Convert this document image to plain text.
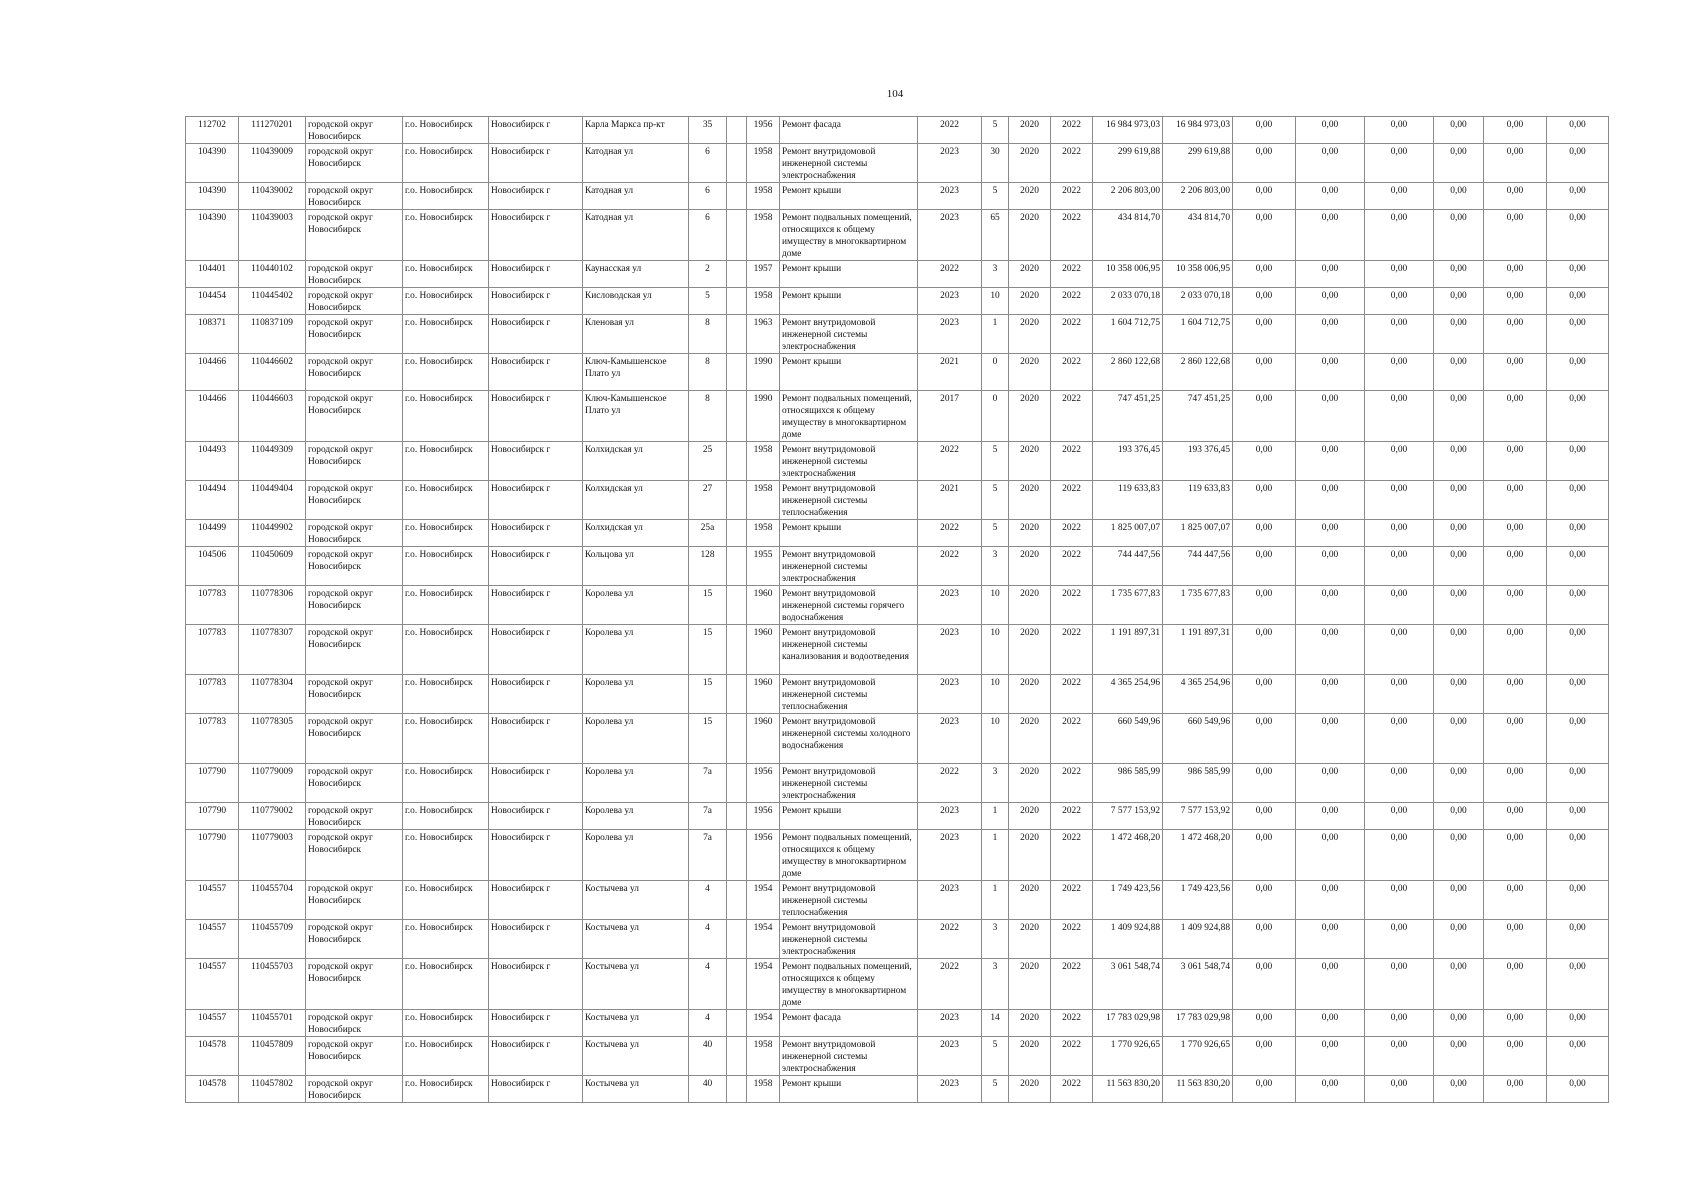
104
112702	111270201	городской округ Новосибирск	г.о. Новосибирск	Новосибирск г	Карла Маркса пр-кт	35		1956	Ремонт фасада	2022	5	2020	2022	16 984 973,03	16 984 973,03	0,00	0,00	0,00	0,00	0,00	0,00
104390	110439009	городской округ Новосибирск	г.о. Новосибирск	Новосибирск г	Катодная ул	6		1958	Ремонт внутридомовой инженерной системы электроснабжения	2023	30	2020	2022	299 619,88	299 619,88	0,00	0,00	0,00	0,00	0,00	0,00
104390	110439002	городской округ Новосибирск	г.о. Новосибирск	Новосибирск г	Катодная ул	6		1958	Ремонт крыши	2023	5	2020	2022	2 206 803,00	2 206 803,00	0,00	0,00	0,00	0,00	0,00	0,00
104390	110439003	городской округ Новосибирск	г.о. Новосибирск	Новосибирск г	Катодная ул	6		1958	Ремонт подвальных помещений, относящихся к общему имуществу в многоквартирном доме	2023	65	2020	2022	434 814,70	434 814,70	0,00	0,00	0,00	0,00	0,00	0,00
104401	110440102	городской округ Новосибирск	г.о. Новосибирск	Новосибирск г	Каунасская ул	2		1957	Ремонт крыши	2022	3	2020	2022	10 358 006,95	10 358 006,95	0,00	0,00	0,00	0,00	0,00	0,00
104454	110445402	городской округ Новосибирск	г.о. Новосибирск	Новосибирск г	Кисловодская ул	5		1958	Ремонт крыши	2023	10	2020	2022	2 033 070,18	2 033 070,18	0,00	0,00	0,00	0,00	0,00	0,00
108371	110837109	городской округ Новосибирск	г.о. Новосибирск	Новосибирск г	Кленовая ул	8		1963	Ремонт внутридомовой инженерной системы электроснабжения	2023	1	2020	2022	1 604 712,75	1 604 712,75	0,00	0,00	0,00	0,00	0,00	0,00
104466	110446602	городской округ Новосибирск	г.о. Новосибирск	Новосибирск г	Ключ-Камышенское Плато ул	8		1990	Ремонт крыши	2021	0	2020	2022	2 860 122,68	2 860 122,68	0,00	0,00	0,00	0,00	0,00	0,00
104466	110446603	городской округ Новосибирск	г.о. Новосибирск	Новосибирск г	Ключ-Камышенское Плато ул	8		1990	Ремонт подвальных помещений, относящихся к общему имуществу в многоквартирном доме	2017	0	2020	2022	747 451,25	747 451,25	0,00	0,00	0,00	0,00	0,00	0,00
104493	110449309	городской округ Новосибирск	г.о. Новосибирск	Новосибирск г	Колхидская ул	25		1958	Ремонт внутридомовой инженерной системы электроснабжения	2022	5	2020	2022	193 376,45	193 376,45	0,00	0,00	0,00	0,00	0,00	0,00
104494	110449404	городской округ Новосибирск	г.о. Новосибирск	Новосибирск г	Колхидская ул	27		1958	Ремонт внутридомовой инженерной системы теплоснабжения	2021	5	2020	2022	119 633,83	119 633,83	0,00	0,00	0,00	0,00	0,00	0,00
104499	110449902	городской округ Новосибирск	г.о. Новосибирск	Новосибирск г	Колхидская ул	25а		1958	Ремонт крыши	2022	5	2020	2022	1 825 007,07	1 825 007,07	0,00	0,00	0,00	0,00	0,00	0,00
104506	110450609	городской округ Новосибирск	г.о. Новосибирск	Новосибирск г	Кольцова ул	128		1955	Ремонт внутридомовой инженерной системы электроснабжения	2022	3	2020	2022	744 447,56	744 447,56	0,00	0,00	0,00	0,00	0,00	0,00
107783	110778306	городской округ Новосибирск	г.о. Новосибирск	Новосибирск г	Королева ул	15		1960	Ремонт внутридомовой инженерной системы горячего водоснабжения	2023	10	2020	2022	1 735 677,83	1 735 677,83	0,00	0,00	0,00	0,00	0,00	0,00
107783	110778307	городской округ Новосибирск	г.о. Новосибирск	Новосибирск г	Королева ул	15		1960	Ремонт внутридомовой инженерной системы канализования и водоотведения	2023	10	2020	2022	1 191 897,31	1 191 897,31	0,00	0,00	0,00	0,00	0,00	0,00
107783	110778304	городской округ Новосибирск	г.о. Новосибирск	Новосибирск г	Королева ул	15		1960	Ремонт внутридомовой инженерной системы теплоснабжения	2023	10	2020	2022	4 365 254,96	4 365 254,96	0,00	0,00	0,00	0,00	0,00	0,00
107783	110778305	городской округ Новосибирск	г.о. Новосибирск	Новосибирск г	Королева ул	15		1960	Ремонт внутридомовой инженерной системы холодного водоснабжения	2023	10	2020	2022	660 549,96	660 549,96	0,00	0,00	0,00	0,00	0,00	0,00
107790	110779009	городской округ Новосибирск	г.о. Новосибирск	Новосибирск г	Королева ул	7а		1956	Ремонт внутридомовой инженерной системы электроснабжения	2022	3	2020	2022	986 585,99	986 585,99	0,00	0,00	0,00	0,00	0,00	0,00
107790	110779002	городской округ Новосибирск	г.о. Новосибирск	Новосибирск г	Королева ул	7а		1956	Ремонт крыши	2023	1	2020	2022	7 577 153,92	7 577 153,92	0,00	0,00	0,00	0,00	0,00	0,00
107790	110779003	городской округ Новосибирск	г.о. Новосибирск	Новосибирск г	Королева ул	7а		1956	Ремонт подвальных помещений, относящихся к общему имуществу в многоквартирном доме	2023	1	2020	2022	1 472 468,20	1 472 468,20	0,00	0,00	0,00	0,00	0,00	0,00
104557	110455704	городской округ Новосибирск	г.о. Новосибирск	Новосибирск г	Костычева ул	4		1954	Ремонт внутридомовой инженерной системы теплоснабжения	2023	1	2020	2022	1 749 423,56	1 749 423,56	0,00	0,00	0,00	0,00	0,00	0,00
104557	110455709	городской округ Новосибирск	г.о. Новосибирск	Новосибирск г	Костычева ул	4		1954	Ремонт внутридомовой инженерной системы электроснабжения	2022	3	2020	2022	1 409 924,88	1 409 924,88	0,00	0,00	0,00	0,00	0,00	0,00
104557	110455703	городской округ Новосибирск	г.о. Новосибирск	Новосибирск г	Костычева ул	4		1954	Ремонт подвальных помещений, относящихся к общему имуществу в многоквартирном доме	2022	3	2020	2022	3 061 548,74	3 061 548,74	0,00	0,00	0,00	0,00	0,00	0,00
104557	110455701	городской округ Новосибирск	г.о. Новосибирск	Новосибирск г	Костычева ул	4		1954	Ремонт фасада	2023	14	2020	2022	17 783 029,98	17 783 029,98	0,00	0,00	0,00	0,00	0,00	0,00
104578	110457809	городской округ Новосибирск	г.о. Новосибирск	Новосибирск г	Костычева ул	40		1958	Ремонт внутридомовой инженерной системы электроснабжения	2023	5	2020	2022	1 770 926,65	1 770 926,65	0,00	0,00	0,00	0,00	0,00	0,00
104578	110457802	городской округ Новосибирск	г.о. Новосибирск	Новосибирск г	Костычева ул	40		1958	Ремонт крыши	2023	5	2020	2022	11 563 830,20	11 563 830,20	0,00	0,00	0,00	0,00	0,00	0,00
